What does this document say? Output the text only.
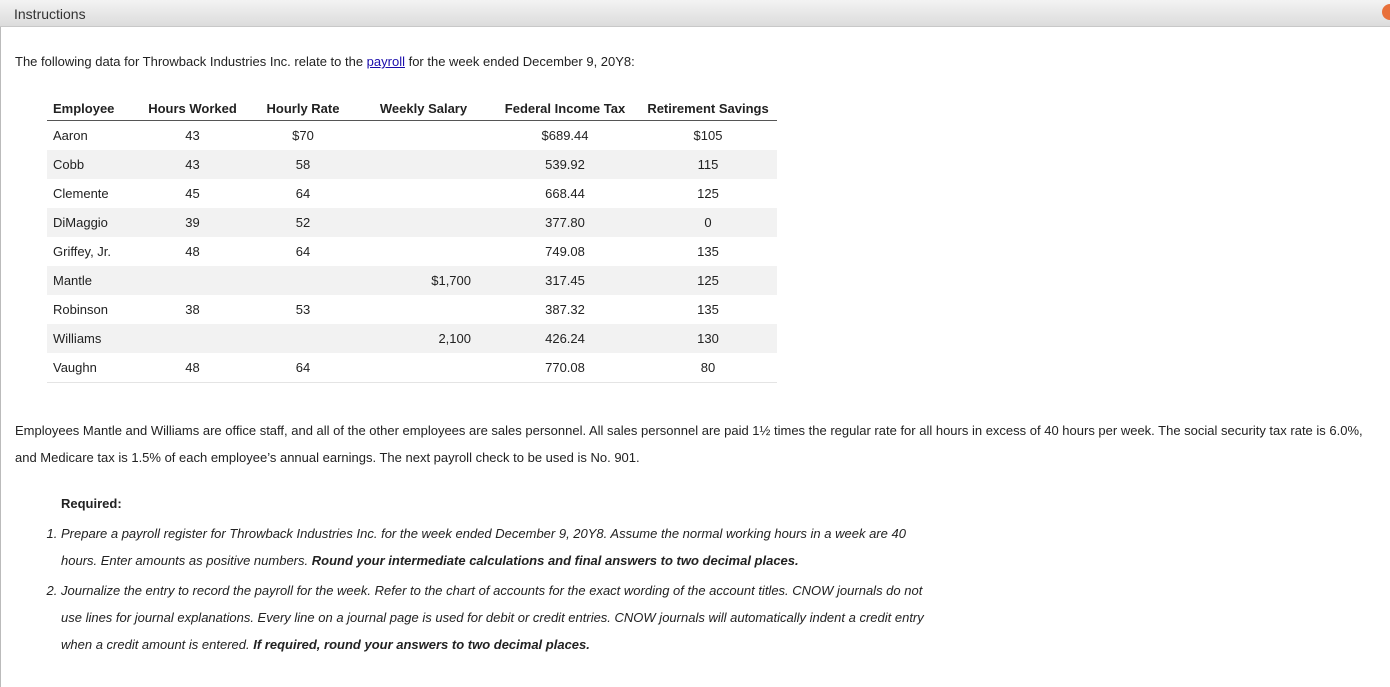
Instructions
The following data for Throwback Industries Inc. relate to the payroll for the week ended December 9, 20Y8:
Employee	Hours Worked	Hourly Rate	Weekly Salary	Federal Income Tax	Retirement Savings
Aaron	43	$70		$689.44	$105
Cobb	43	58		539.92	115
Clemente	45	64		668.44	125
DiMaggio	39	52		377.80	0
Griffey, Jr.	48	64		749.08	135
Mantle			$1,700	317.45	125
Robinson	38	53		387.32	135
Williams			2,100	426.24	130
Vaughn	48	64		770.08	80
Employees Mantle and Williams are office staff, and all of the other employees are sales personnel. All sales personnel are paid 1½ times the regular rate for all hours in excess of 40 hours per week. The social security tax rate is 6.0%, and Medicare tax is 1.5% of each employee’s annual earnings. The next payroll check to be used is No. 901.
Required:
1. Prepare a payroll register for Throwback Industries Inc. for the week ended December 9, 20Y8. Assume the normal working hours in a week are 40 hours. Enter amounts as positive numbers. Round your intermediate calculations and final answers to two decimal places.
2. Journalize the entry to record the payroll for the week. Refer to the chart of accounts for the exact wording of the account titles. CNOW journals do not use lines for journal explanations. Every line on a journal page is used for debit or credit entries. CNOW journals will automatically indent a credit entry when a credit amount is entered. If required, round your answers to two decimal places.
